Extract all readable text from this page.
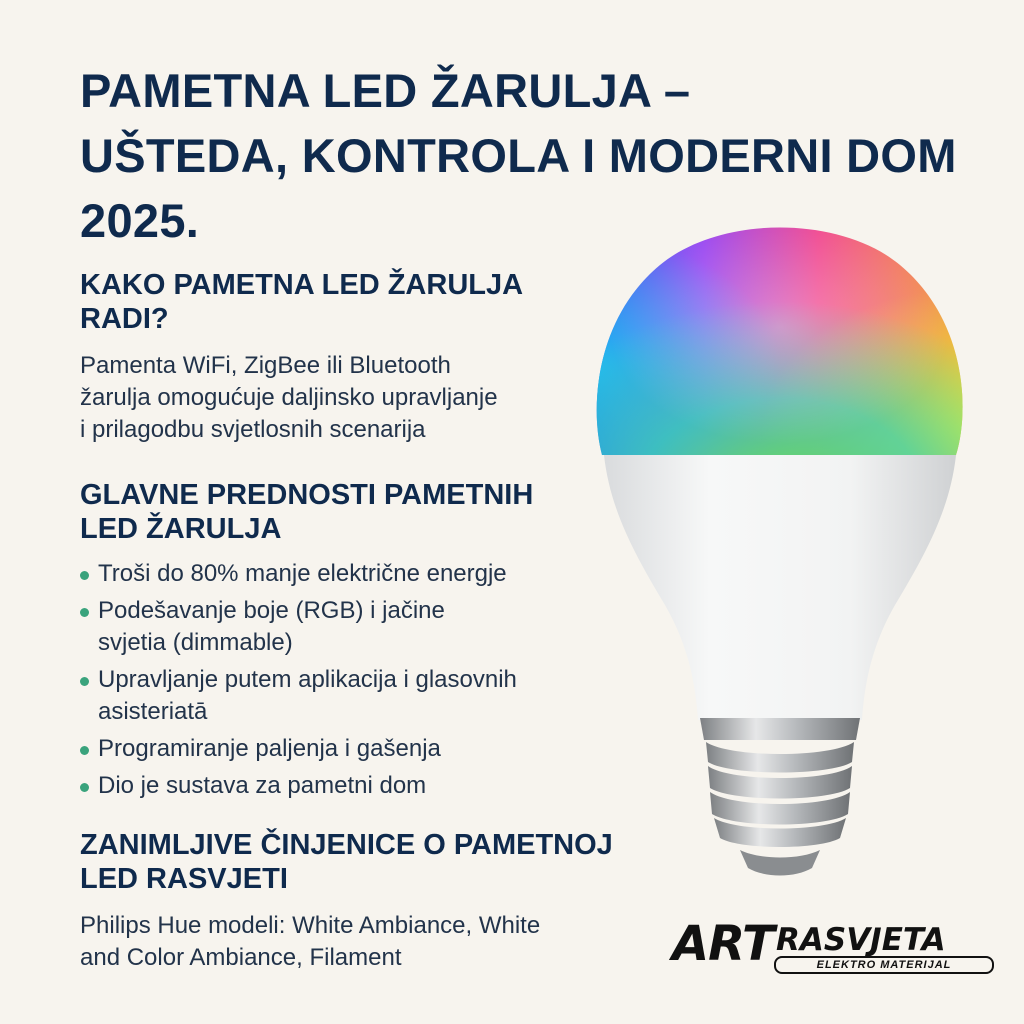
PAMETNA LED ŽARULJA –
UŠTEDA, KONTROLA I MODERNI DOM
2025.
KAKO PAMETNA LED ŽARULJA
RADI?
Pamenta WiFi, ZigBee ili Bluetooth
žarulja omogućuje daljinsko upravljanje
i prilagodbu svjetlosnih scenarija
GLAVNE PREDNOSTI PAMETNIH
LED ŽARULJA
Troši do 80% manje električne energje
Podešavanje boje (RGB) i jačine
svjetia (dimmable)
Upravljanje putem aplikacija i glasovnih
asisteriatā
Programiranje paljenja i gašenja
Dio je sustava za pametni dom
ZANIMLJIVE ČINJENICE O PAMETNOJ
LED RASVJETI
Philips Hue modeli: White Ambiance, White
and Color Ambiance, Filament	ART RASVJETA
ELEKTRO MATERIJAL
